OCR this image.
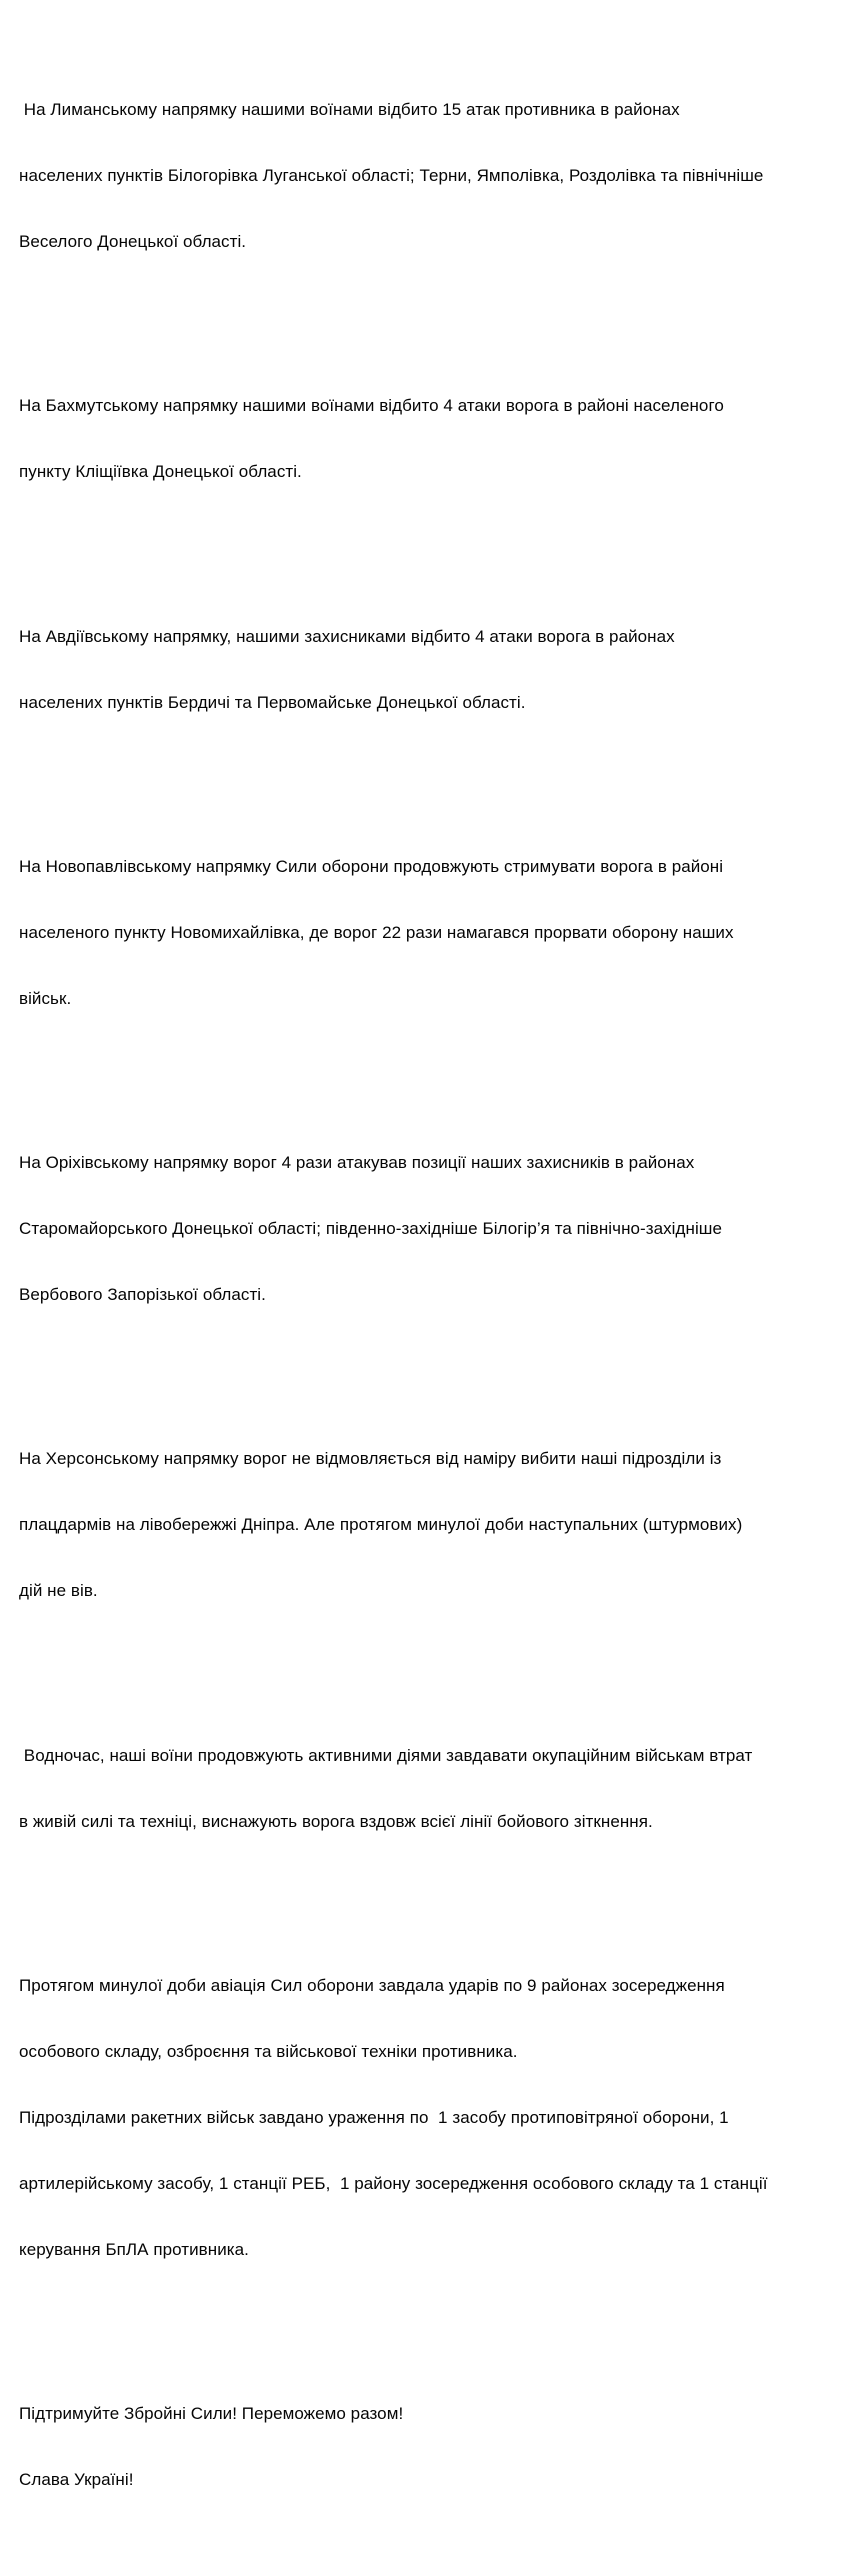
На Лиманському напрямку нашими воїнами відбито 15 атак противника в районах

населених пунктів Білогорівка Луганської області; Терни, Ямполівка, Роздолівка та північніше

Веселого Донецької області.

На Бахмутському напрямку нашими воїнами відбито 4 атаки ворога в районі населеного

пункту Кліщіївка Донецької області.

На Авдіївському напрямку, нашими захисниками відбито 4 атаки ворога в районах

населених пунктів Бердичі та Первомайське Донецької області.

На Новопавлівському напрямку Сили оборони продовжують стримувати ворога в районі

населеного пункту Новомихайлівка, де ворог 22 рази намагався прорвати оборону наших

військ.

На Оріхівському напрямку ворог 4 рази атакував позиції наших захисників в районах

Старомайорського Донецької області; південно-західніше Білогір’я та північно-західніше

Вербового Запорізької області.

На Херсонському напрямку ворог не відмовляється від наміру вибити наші підрозділи із

плацдармів на лівобережжі Дніпра. Але протягом минулої доби наступальних (штурмових)

дій не вів.

Водночас, наші воїни продовжують активними діями завдавати окупаційним військам втрат

в живій силі та техніці, виснажують ворога вздовж всієї лінії бойового зіткнення.

Протягом минулої доби авіація Сил оборони завдала ударів по 9 районах зосередження

особового складу, озброєння та військової техніки противника.

Підрозділами ракетних військ завдано ураження по  1 засобу протиповітряної оборони, 1

артилерійському засобу, 1 станції РЕБ,  1 району зосередження особового складу та 1 станції

керування БпЛА противника.

Підтримуйте Збройні Сили! Переможемо разом!

Слава Україні!
